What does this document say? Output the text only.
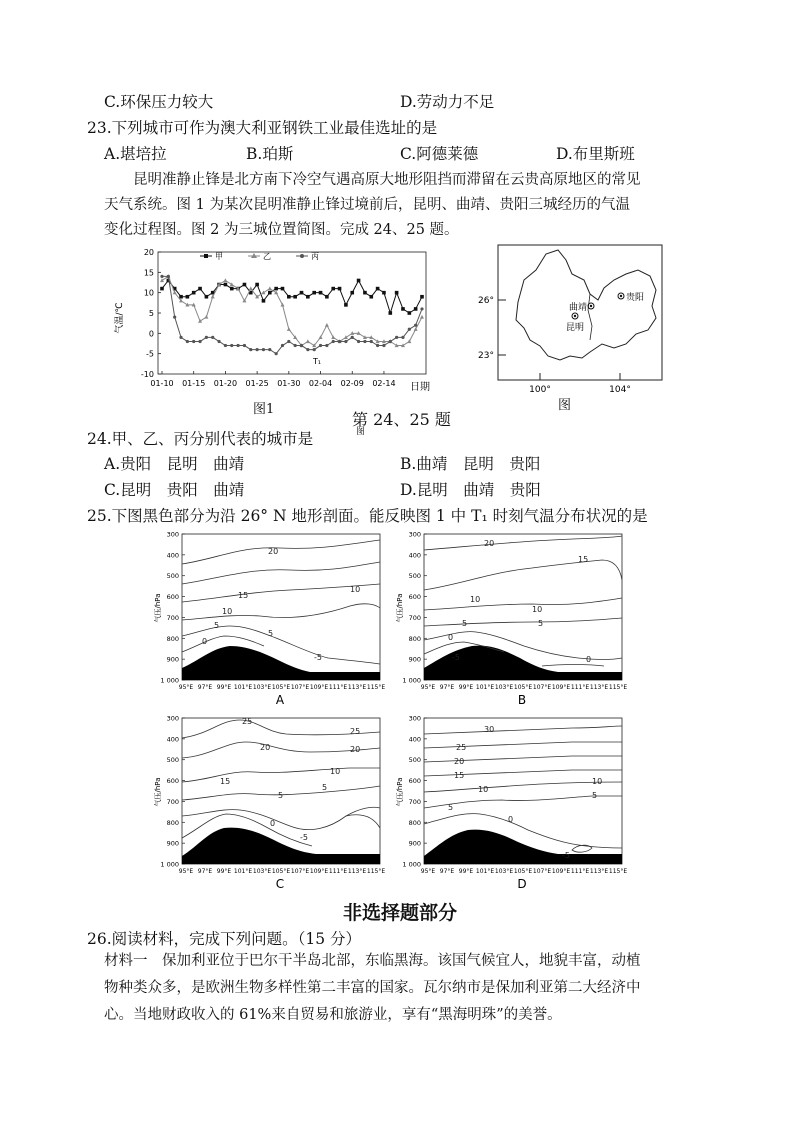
C.环保压力较大	D.劳动力不足
23.下列城市可作为澳大利亚钢铁工业最佳选址的是
A.堪培拉	B.珀斯	C.阿德莱德	D.布里斯班
昆明准静止锋是北方南下冷空气遇高原大地形阻挡而滞留在云贵高原地区的常见天气系统。图 1 为某次昆明准静止锋过境前后，昆明、曲靖、贵阳三城经历的气温变化过程图。图 2 为三城位置简图。完成 24、25 题。
-10
-5
0
5
10
15
20
01-10 01-15 01-20 01-25 01-30 02-04 02-09 02-14 日期
气温/℃
T₁
甲	乙	丙
图1
26°
23°
100°	104°
曲靖
昆明
贵阳
图
第 24、25 题
图
24.甲、乙、丙分别代表的城市是
A.贵阳　昆明　曲靖	B.曲靖　昆明　贵阳
C.昆明　贵阳　曲靖	D.昆明　曲靖　贵阳
25.下图黑色部分为沿 26° N 地形剖面。能反映图 1 中 T₁ 时刻气温分布状况的是
300
400
500
600
700
800
900
1 000
95°E 97°E 99°E 101°E 103°E 105°E 107°E 109°E 111°E 113°E 115°E
气压/hPa
20
15
10
5
0
-5
10
5
A
300
400
500
600
700
800
900
1 000
95°E 97°E 99°E 101°E 103°E 105°E 107°E 109°E 111°E 113°E 115°E
气压/hPa
20
15
10
5
0
-5
10
5
0
B
300
400
500
600
700
800
900
1 000
95°E 97°E 99°E 101°E 103°E 105°E 107°E 109°E 111°E 113°E 115°E
气压/hPa
25
20
15
10
5
0
25
20
5
-5
C
300
400
500
600
700
800
900
1 000
95°E 97°E 99°E 101°E 103°E 105°E 107°E 109°E 111°E 113°E 115°E
气压/hPa
30
25
20
15
10
5
0
-5
10
5
D
非选择题部分
26.阅读材料，完成下列问题。（15 分）
材料一　保加利亚位于巴尔干半岛北部，东临黑海。该国气候宜人，地貌丰富，动植物种类众多，是欧洲生物多样性第二丰富的国家。瓦尔纳市是保加利亚第二大经济中心。当地财政收入的 61%来自贸易和旅游业，享有“黑海明珠”的美誉。
